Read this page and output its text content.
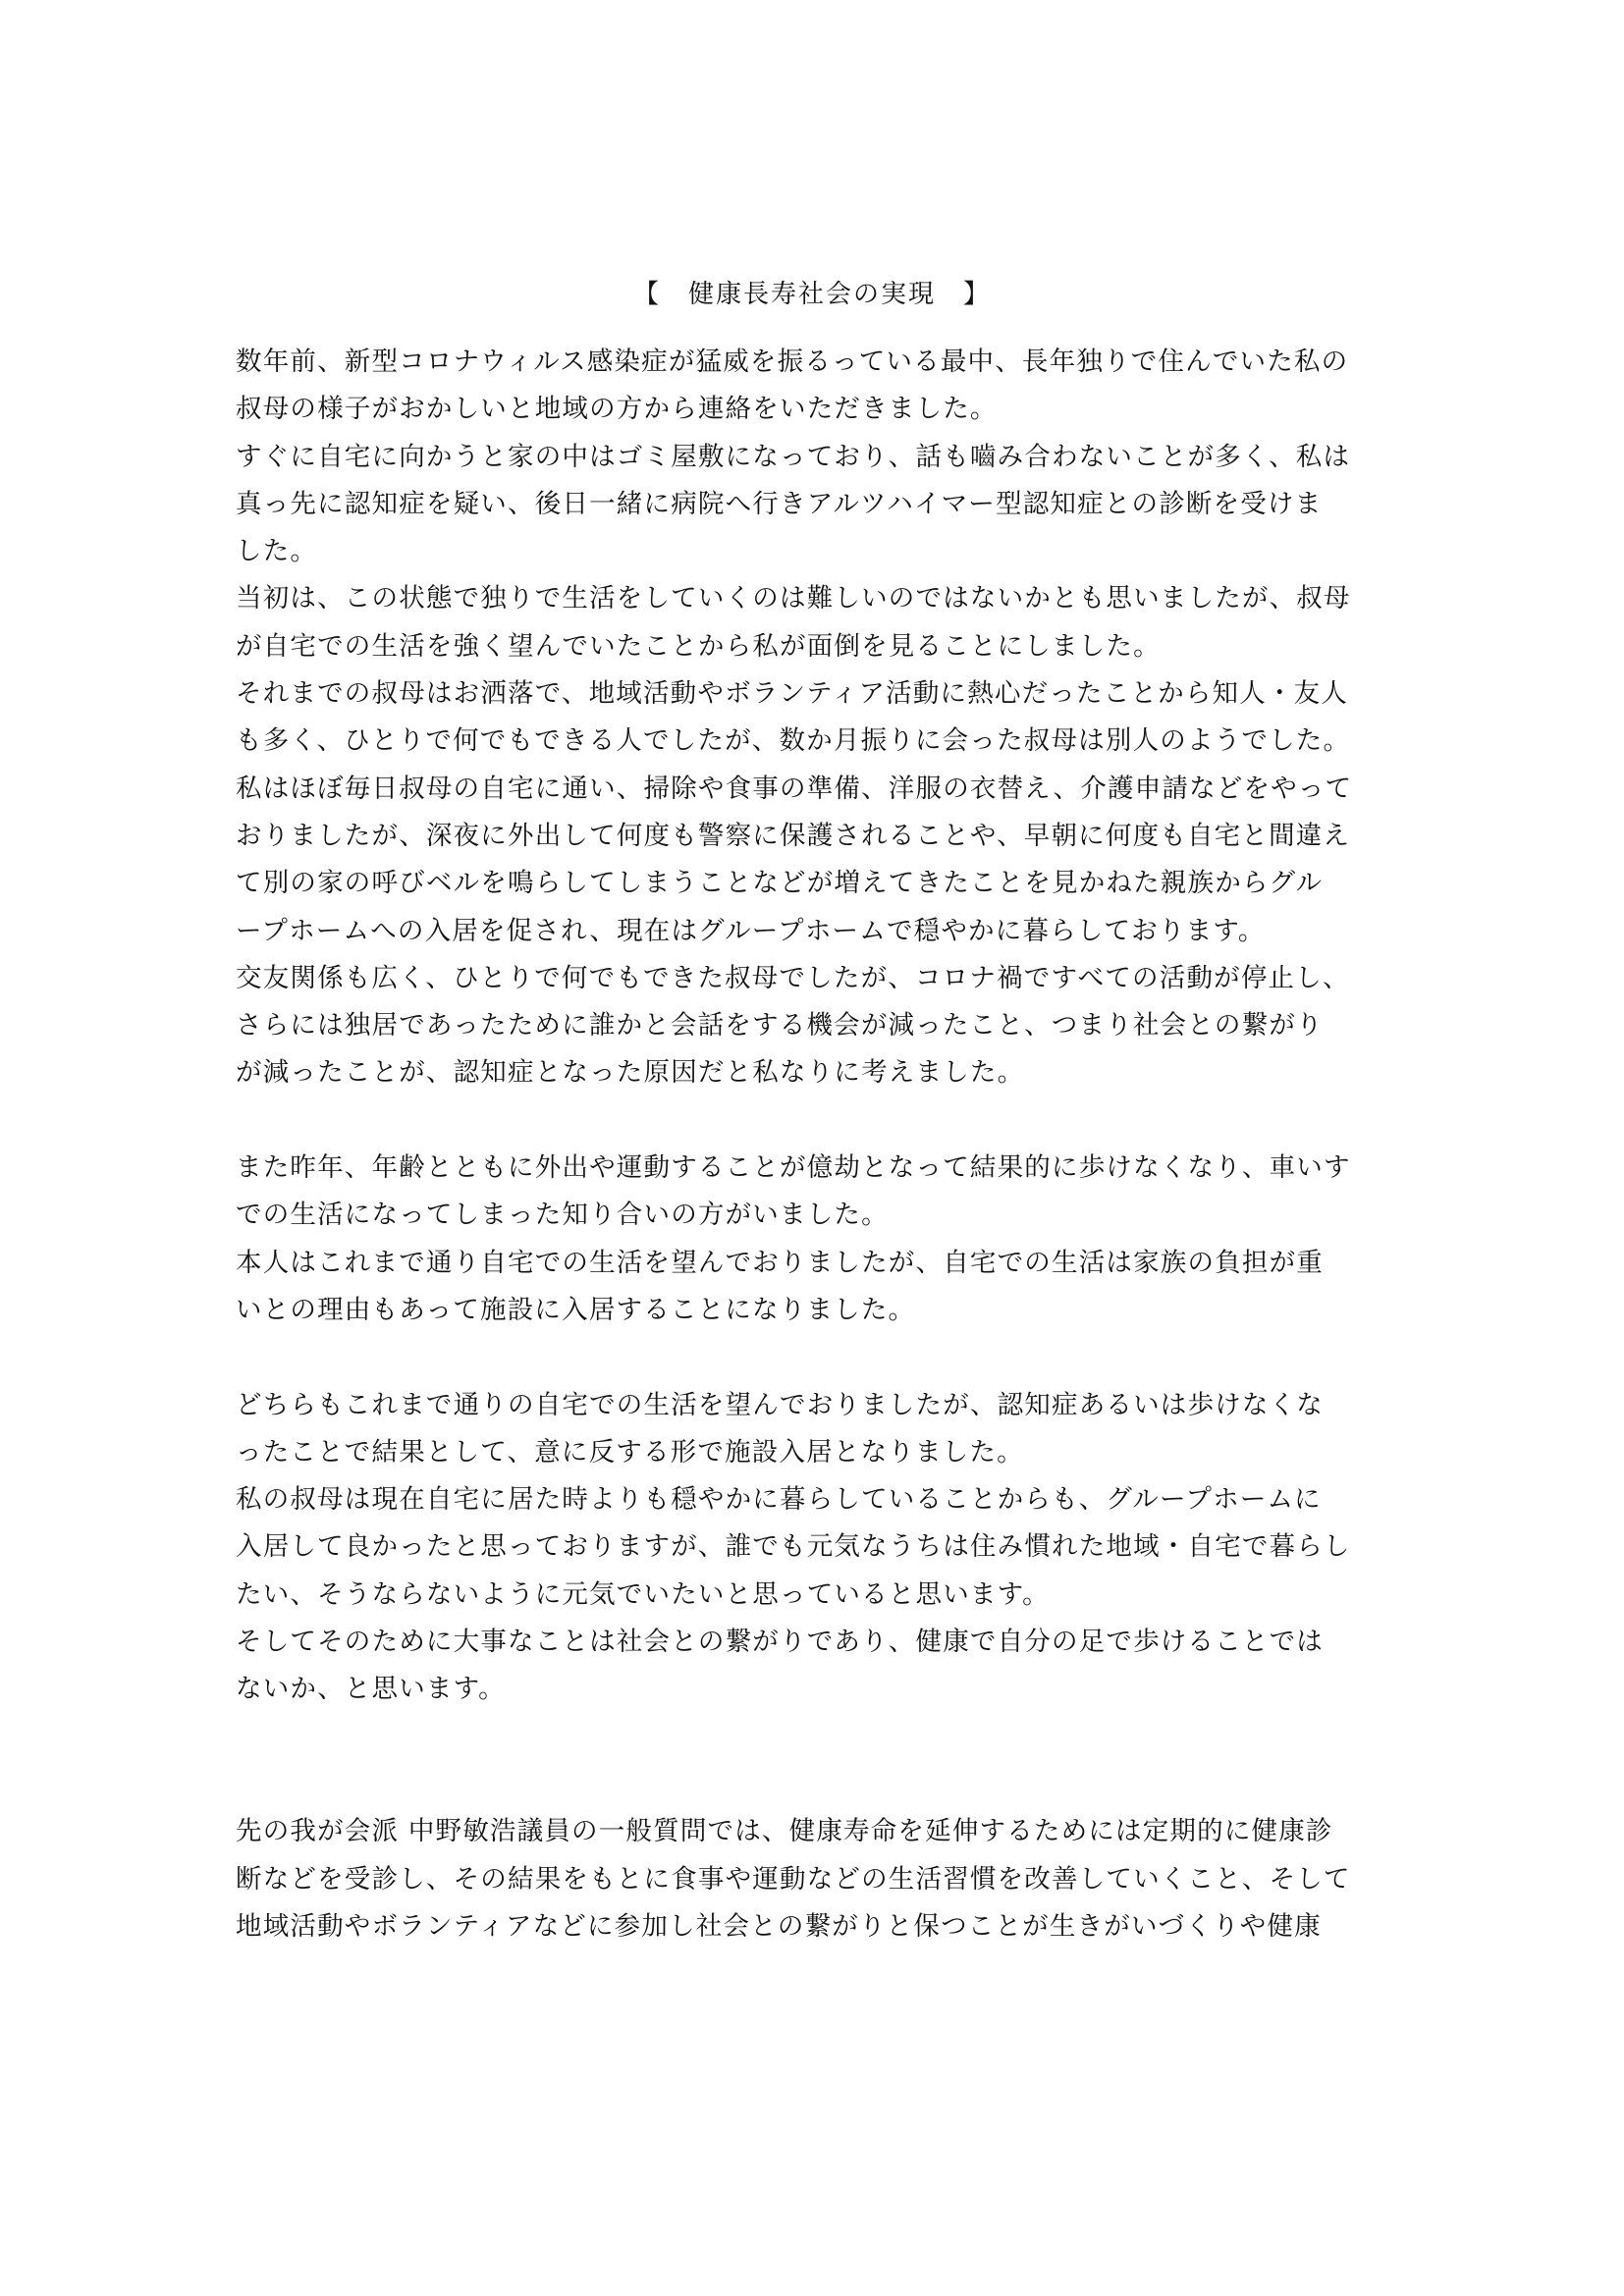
【　健康長寿社会の実現　】
数年前、新型コロナウィルス感染症が猛威を振るっている最中、長年独りで住んでいた私の
叔母の様子がおかしいと地域の方から連絡をいただきました。
すぐに自宅に向かうと家の中はゴミ屋敷になっており、話も嚙み合わないことが多く、私は
真っ先に認知症を疑い、後日一緒に病院へ行きアルツハイマー型認知症との診断を受けま
した。
当初は、この状態で独りで生活をしていくのは難しいのではないかとも思いましたが、叔母
が自宅での生活を強く望んでいたことから私が面倒を見ることにしました。
それまでの叔母はお洒落で、地域活動やボランティア活動に熱心だったことから知人・友人
も多く、ひとりで何でもできる人でしたが、数か月振りに会った叔母は別人のようでした。
私はほぼ毎日叔母の自宅に通い、掃除や食事の準備、洋服の衣替え、介護申請などをやって
おりましたが、深夜に外出して何度も警察に保護されることや、早朝に何度も自宅と間違え
て別の家の呼びベルを鳴らしてしまうことなどが増えてきたことを見かねた親族からグル
ープホームへの入居を促され、現在はグループホームで穏やかに暮らしております。
交友関係も広く、ひとりで何でもできた叔母でしたが、コロナ禍ですべての活動が停止し、
さらには独居であったために誰かと会話をする機会が減ったこと、つまり社会との繋がり
が減ったことが、認知症となった原因だと私なりに考えました。
また昨年、年齢とともに外出や運動することが億劫となって結果的に歩けなくなり、車いす
での生活になってしまった知り合いの方がいました。
本人はこれまで通り自宅での生活を望んでおりましたが、自宅での生活は家族の負担が重
いとの理由もあって施設に入居することになりました。
どちらもこれまで通りの自宅での生活を望んでおりましたが、認知症あるいは歩けなくな
ったことで結果として、意に反する形で施設入居となりました。
私の叔母は現在自宅に居た時よりも穏やかに暮らしていることからも、グループホームに
入居して良かったと思っておりますが、誰でも元気なうちは住み慣れた地域・自宅で暮らし
たい、そうならないように元気でいたいと思っていると思います。
そしてそのために大事なことは社会との繋がりであり、健康で自分の足で歩けることでは
ないか、と思います。
先の我が会派 中野敏浩議員の一般質問では、健康寿命を延伸するためには定期的に健康診
断などを受診し、その結果をもとに食事や運動などの生活習慣を改善していくこと、そして
地域活動やボランティアなどに参加し社会との繋がりと保つことが生きがいづくりや健康
